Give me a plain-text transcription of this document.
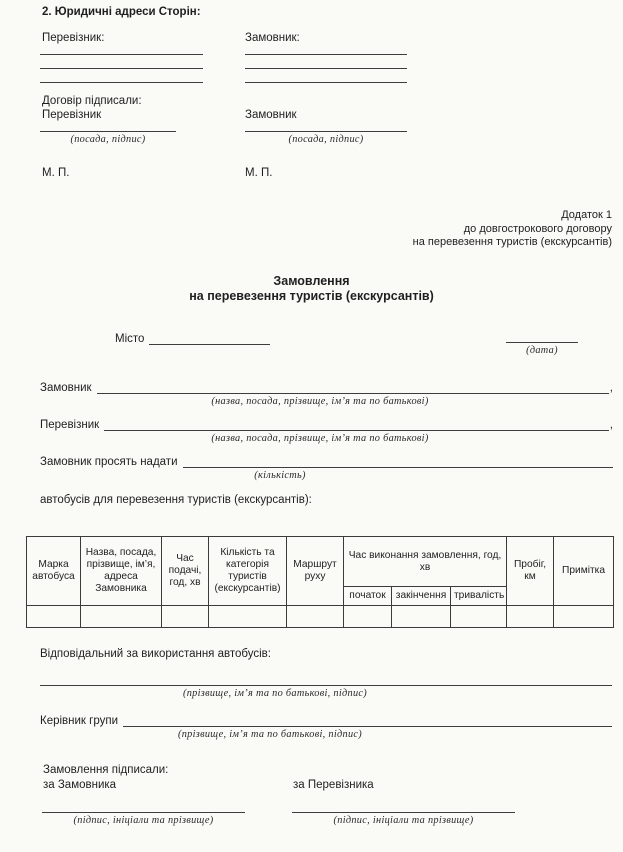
2. Юридичні адреси Сторін:
Перевізник:	Замовник:
Договір підписали:
Перевізник	Замовник
(посада, підпис)	(посада, підпис)
М. П.	М. П.
Додаток 1
до довгострокового договору
на перевезення туристів (екскурсантів)
Замовлення
на перевезення туристів (екскурсантів)
Місто
(дата)
Замовник	,
(назва, посада, прізвище, ім’я та по батькові)
Перевізник	,
(назва, посада, прізвище, ім’я та по батькові)
Замовник просять надати
(кількість)
автобусів для перевезення туристів (екскурсантів):
Марка автобуса	Назва, посада, прізвище, ім’я, адреса Замовника	Час подачі, год, хв	Кількість та категорія туристів (екскурсантів)	Маршрут руху	Час виконання замовлення, год, хв			Пробіг, км	Примітка
					початок	закінчення	тривалість		

Відповідальний за використання автобусів:
(прізвище, ім’я та по батькові, підпис)
Керівник групи
(прізвище, ім’я та по батькові, підпис)
Замовлення підписали:
за Замовника	за Перевізника
(підпис, ініціали та прізвище)	(підпис, ініціали та прізвище)
